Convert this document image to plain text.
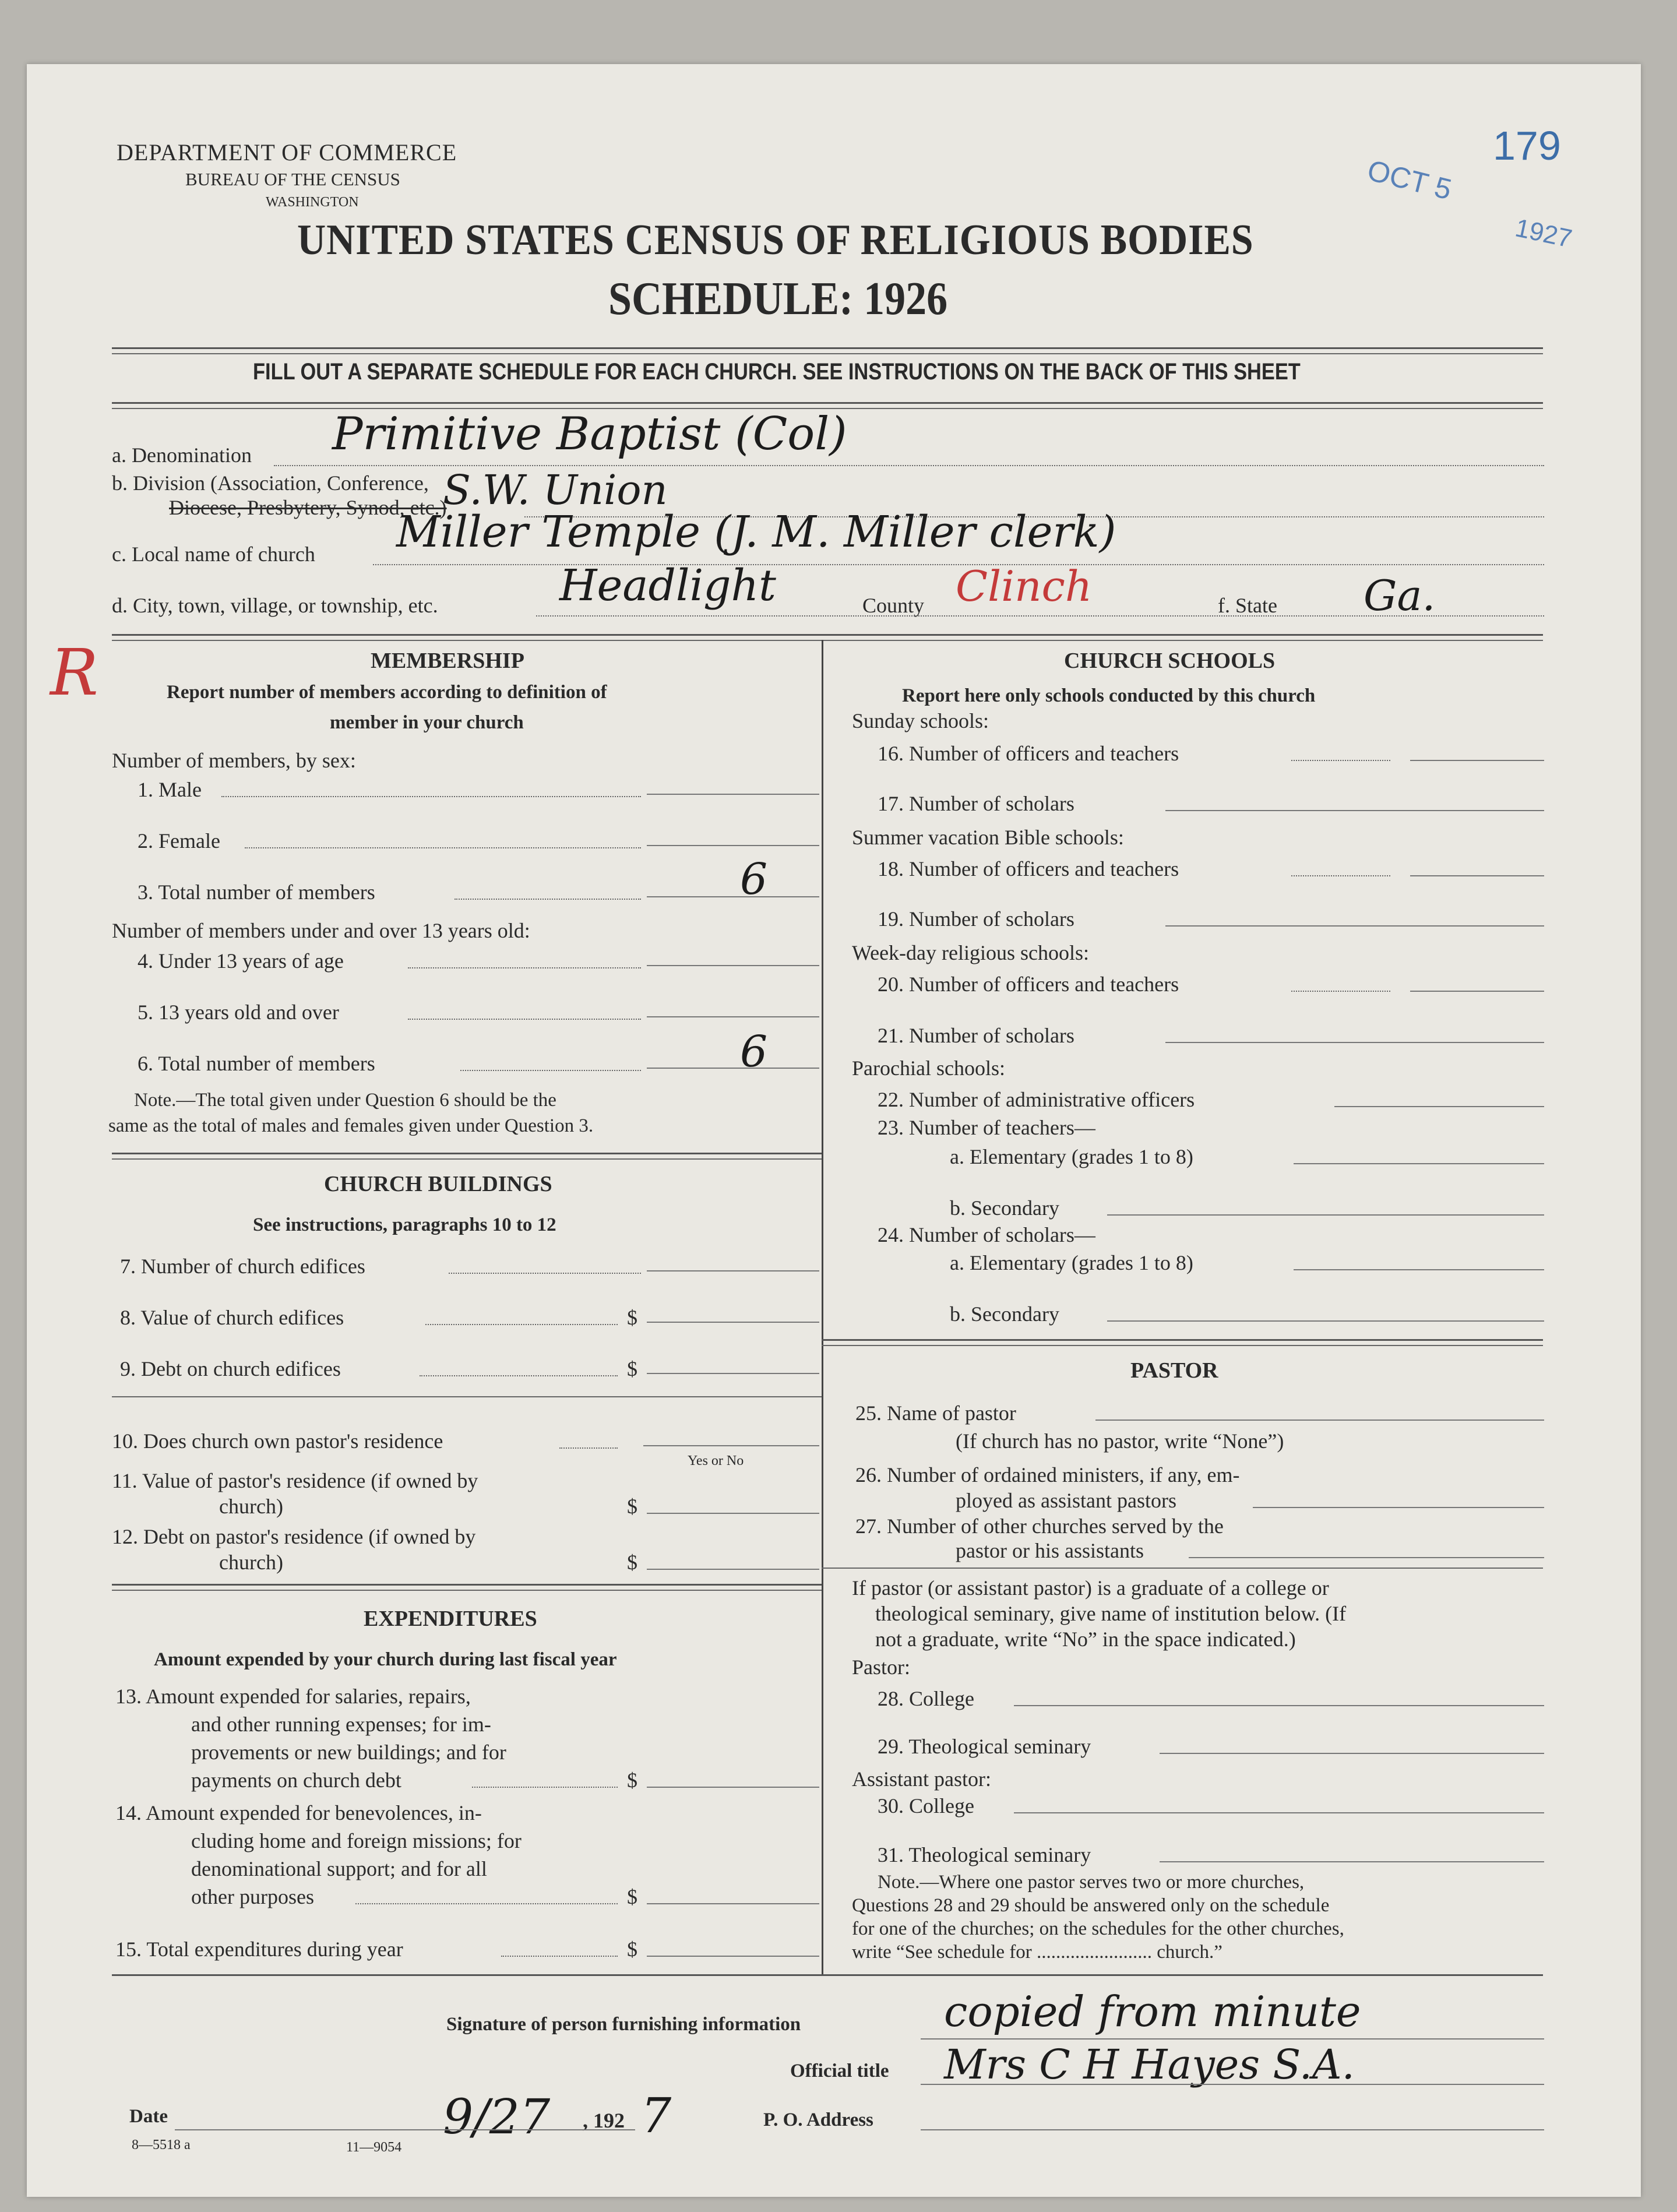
DEPARTMENT OF COMMERCE
BUREAU OF THE CENSUS
WASHINGTON
UNITED STATES CENSUS OF RELIGIOUS BODIES
SCHEDULE: 1926
179
OCT 5
1927
FILL OUT A SEPARATE SCHEDULE FOR EACH CHURCH. SEE INSTRUCTIONS ON THE BACK OF THIS SHEET
a. Denomination Primitive Baptist (Col)
b. Division (Association, Conference,
Diocese, Presbytery, Synod, etc.)
S.W. Union
c. Local name of church Miller Temple (J. M. Miller clerk)
d. City, town, village, or township, etc.	Headlight	County Clinch	f. State Ga.
R	MEMBERSHIP
Report number of members according to definition of
member in your church
Number of members, by sex:
1. Male
2. Female
3. Total number of members	6
Number of members under and over 13 years old:
4. Under 13 years of age
5. 13 years old and over
6. Total number of members	6
Note.—The total given under Question 6 should be the
same as the total of males and females given under Question 3.
CHURCH BUILDINGS
See instructions, paragraphs 10 to 12
7. Number of church edifices
8. Value of church edifices	$
9. Debt on church edifices	$
10. Does church own pastor's residence
Yes or No
11. Value of pastor's residence (if owned by
church)	$
12. Debt on pastor's residence (if owned by
church)	$
EXPENDITURES
Amount expended by your church during last fiscal year
13. Amount expended for salaries, repairs,
and other running expenses; for im-
provements or new buildings; and for
payments on church debt	$
14. Amount expended for benevolences, in-
cluding home and foreign missions; for
denominational support; and for all
other purposes	$
15. Total expenditures during year	$
CHURCH SCHOOLS
Report here only schools conducted by this church
Sunday schools:
16. Number of officers and teachers
17. Number of scholars
Summer vacation Bible schools:
18. Number of officers and teachers
19. Number of scholars
Week-day religious schools:
20. Number of officers and teachers
21. Number of scholars
Parochial schools:
22. Number of administrative officers
23. Number of teachers—
a. Elementary (grades 1 to 8)
b. Secondary
24. Number of scholars—
a. Elementary (grades 1 to 8)
b. Secondary
PASTOR
25. Name of pastor
(If church has no pastor, write “None”)
26. Number of ordained ministers, if any, em-
ployed as assistant pastors
27. Number of other churches served by the
pastor or his assistants
If pastor (or assistant pastor) is a graduate of a college or
theological seminary, give name of institution below. (If
not a graduate, write “No” in the space indicated.)
Pastor:
28. College
29. Theological seminary
Assistant pastor:
30. College
31. Theological seminary
Note.—Where one pastor serves two or more churches,
Questions 28 and 29 should be answered only on the schedule
for one of the churches; on the schedules for the other churches,
write “See schedule for ........................ church.”
Signature of person furnishing information	copied from minute
Official title Mrs C H Hayes S.A.
Date	9/27 , 192 7	P. O. Address
8—5518 a	11—9054
